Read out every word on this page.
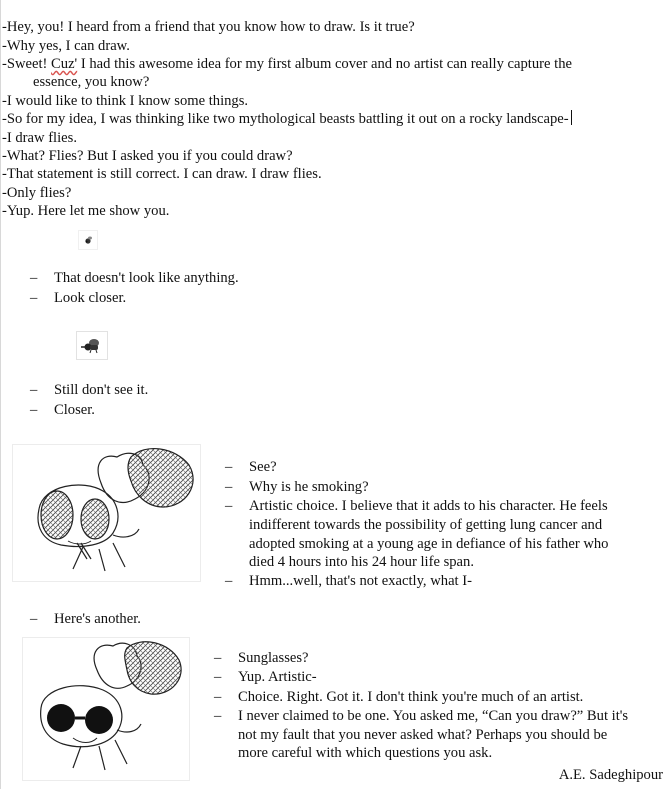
-Hey, you! I heard from a friend that you know how to draw. Is it true?
-Why yes, I can draw.
-Sweet! Cuz' I had this awesome idea for my first album cover and no artist can really capture the
essence, you know?
-I would like to think I know some things.
-So for my idea, I was thinking like two mythological beasts battling it out on a rocky landscape-
-I draw flies.
-What? Flies? But I asked you if you could draw?
-That statement is still correct. I can draw. I draw flies.
-Only flies?
-Yup. Here let me show you.
– That doesn't look like anything.
– Look closer.
– Still don't see it.
– Closer.
– See?
– Why is he smoking?
– Artistic choice. I believe that it adds to his character. He feels
indifferent towards the possibility of getting lung cancer and
adopted smoking at a young age in defiance of his father who
died 4 hours into his 24 hour life span.
– Hmm...well, that's not exactly, what I-
– Here's another.
– Sunglasses?
– Yup. Artistic-
– Choice. Right. Got it. I don't think you're much of an artist.
– I never claimed to be one. You asked me, “Can you draw?” But it's
not my fault that you never asked what? Perhaps you should be
more careful with which questions you ask.
A.E. Sadeghipour
